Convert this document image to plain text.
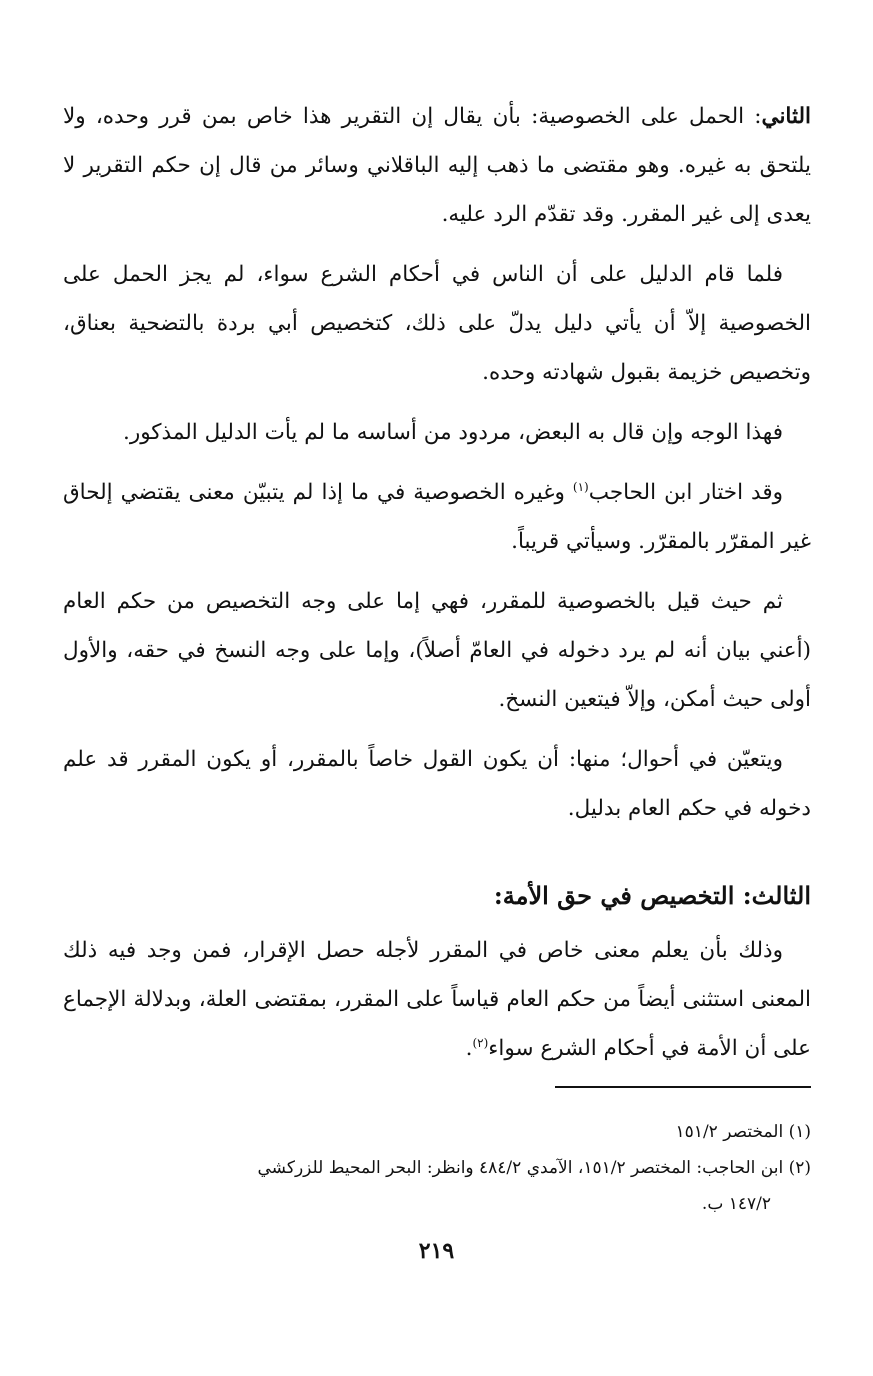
الثاني: الحمل على الخصوصية: بأن يقال إن التقرير هذا خاص بمن قرر وحده، ولا يلتحق به غيره. وهو مقتضى ما ذهب إليه الباقلاني وسائر من قال إن حكم التقرير لا يعدى إلى غير المقرر. وقد تقدّم الرد عليه.

فلما قام الدليل على أن الناس في أحكام الشرع سواء، لم يجز الحمل على الخصوصية إلاّ أن يأتي دليل يدلّ على ذلك، كتخصيص أبي بردة بالتضحية بعناق، وتخصيص خزيمة بقبول شهادته وحده.

فهذا الوجه وإن قال به البعض، مردود من أساسه ما لم يأت الدليل المذكور.

وقد اختار ابن الحاجب$^{(١)}$ وغيره الخصوصية في ما إذا لم يتبيّن معنى يقتضي إلحاق غير المقرّر بالمقرّر. وسيأتي قريباً.

ثم حيث قيل بالخصوصية للمقرر، فهي إما على وجه التخصيص من حكم العام (أعني بيان أنه لم يرد دخوله في العامّ أصلاً)، وإما على وجه النسخ في حقه، والأول أولى حيث أمكن، وإلاّ فيتعين النسخ.

ويتعيّن في أحوال؛ منها: أن يكون القول خاصاً بالمقرر، أو يكون المقرر قد علم دخوله في حكم العام بدليل.

الثالث: التخصيص في حق الأمة:

وذلك بأن يعلم معنى خاص في المقرر لأجله حصل الإقرار، فمن وجد فيه ذلك المعنى استثنى أيضاً من حكم العام قياساً على المقرر، بمقتضى العلة، وبدلالة الإجماع على أن الأمة في أحكام الشرع سواء$^{(٢)}$.

(١) المختصر ١٥١/٢

(٢) ابن الحاجب: المختصر ١٥١/٢، الآمدي ٤٨٤/٢ وانظر: البحر المحيط للزركشي

١٤٧/٢ ب.

٢١٩
